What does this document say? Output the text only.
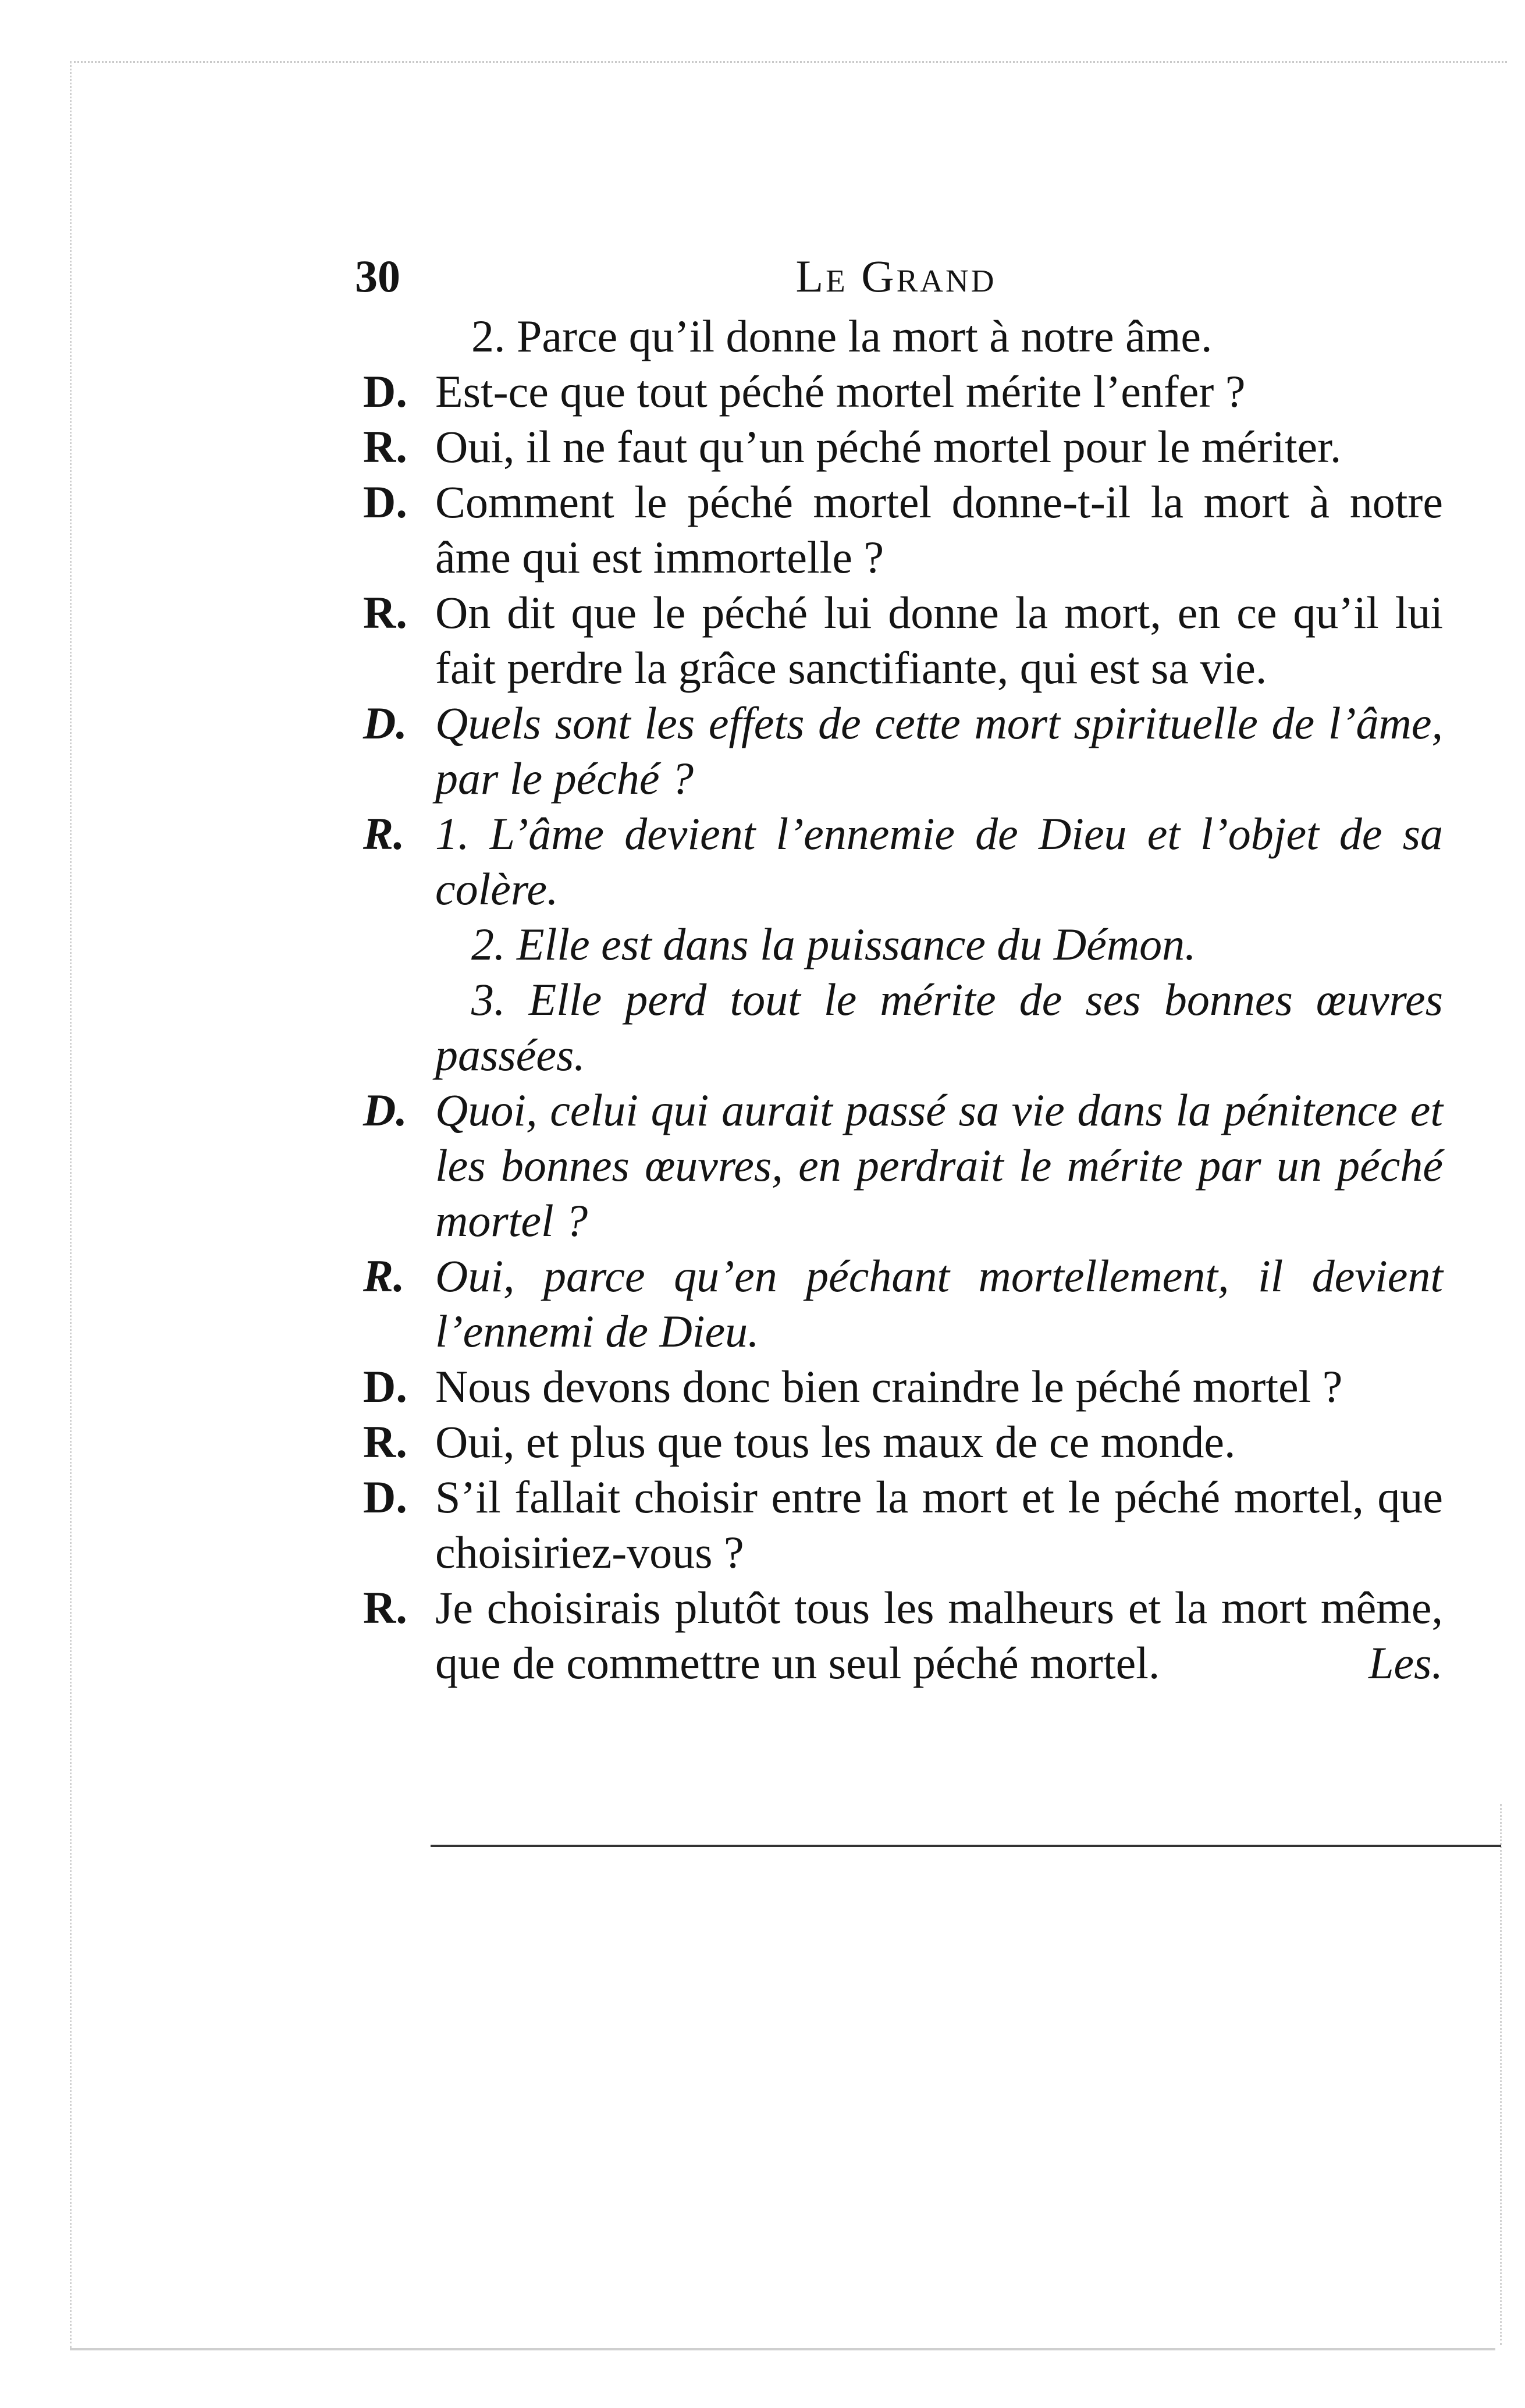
30	Le Grand

2. Parce qu’il donne la mort à notre âme.

D. Est-ce que tout péché mortel mérite l’enfer ?

R. Oui, il ne faut qu’un péché mortel pour le mériter.

D. Comment le péché mortel donne-t-il la mort à notre âme qui est immortelle ?

R. On dit que le péché lui donne la mort, en ce qu’il lui fait perdre la grâce sanctifiante, qui est sa vie.

D. Quels sont les effets de cette mort spirituelle de l’âme, par le péché ?

R. 1. L’âme devient l’ennemie de Dieu et l’objet de sa colère.

2. Elle est dans la puissance du Démon.

3. Elle perd tout le mérite de ses bonnes œuvres passées.

D. Quoi, celui qui aurait passé sa vie dans la pénitence et les bonnes œuvres, en perdrait le mérite par un péché mortel ?

R. Oui, parce qu’en péchant mortellement, il devient l’ennemi de Dieu.

D. Nous devons donc bien craindre le péché mortel ?

R. Oui, et plus que tous les maux de ce monde.

D. S’il fallait choisir entre la mort et le péché mortel, que choisiriez-vous ?

R. Je choisirais plutôt tous les malheurs et la mort même, que de commettre un seul péché mortel.	Les.
